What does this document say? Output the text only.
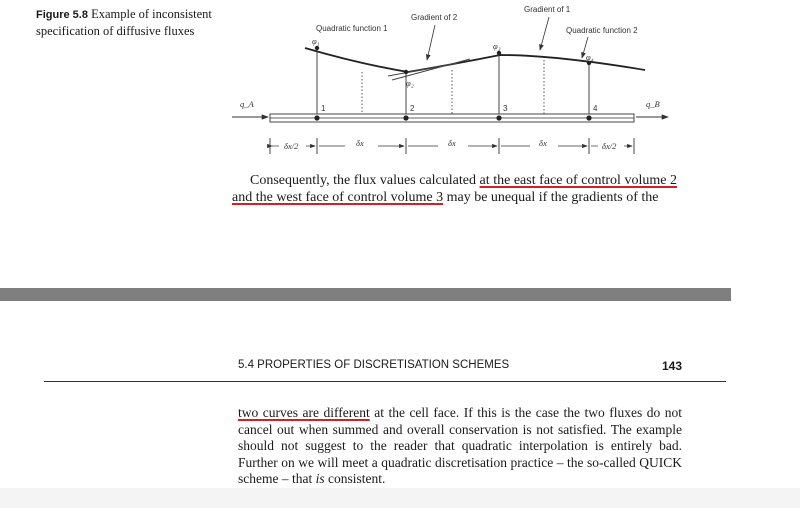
Figure 5.8 Example of inconsistent specification of diffusive fluxes
Gradient of 1
Gradient of 2
Quadratic function 1	Quadratic function 2
φ₁
φ₂
φ₃
φ₄
1	2	3	4
q_A	q_B
δx/2	δx	δx	δx	δx/2
Consequently, the flux values calculated at the east face of control volume 2 and the west face of control volume 3 may be unequal if the gradients of the
5.4 PROPERTIES OF DISCRETISATION SCHEMES	143
two curves are different at the cell face. If this is the case the two fluxes do not cancel out when summed and overall conservation is not satisfied. The example should not suggest to the reader that quadratic interpolation is entirely bad. Further on we will meet a quadratic discretisation practice – the so-called QUICK scheme – that is consistent.
